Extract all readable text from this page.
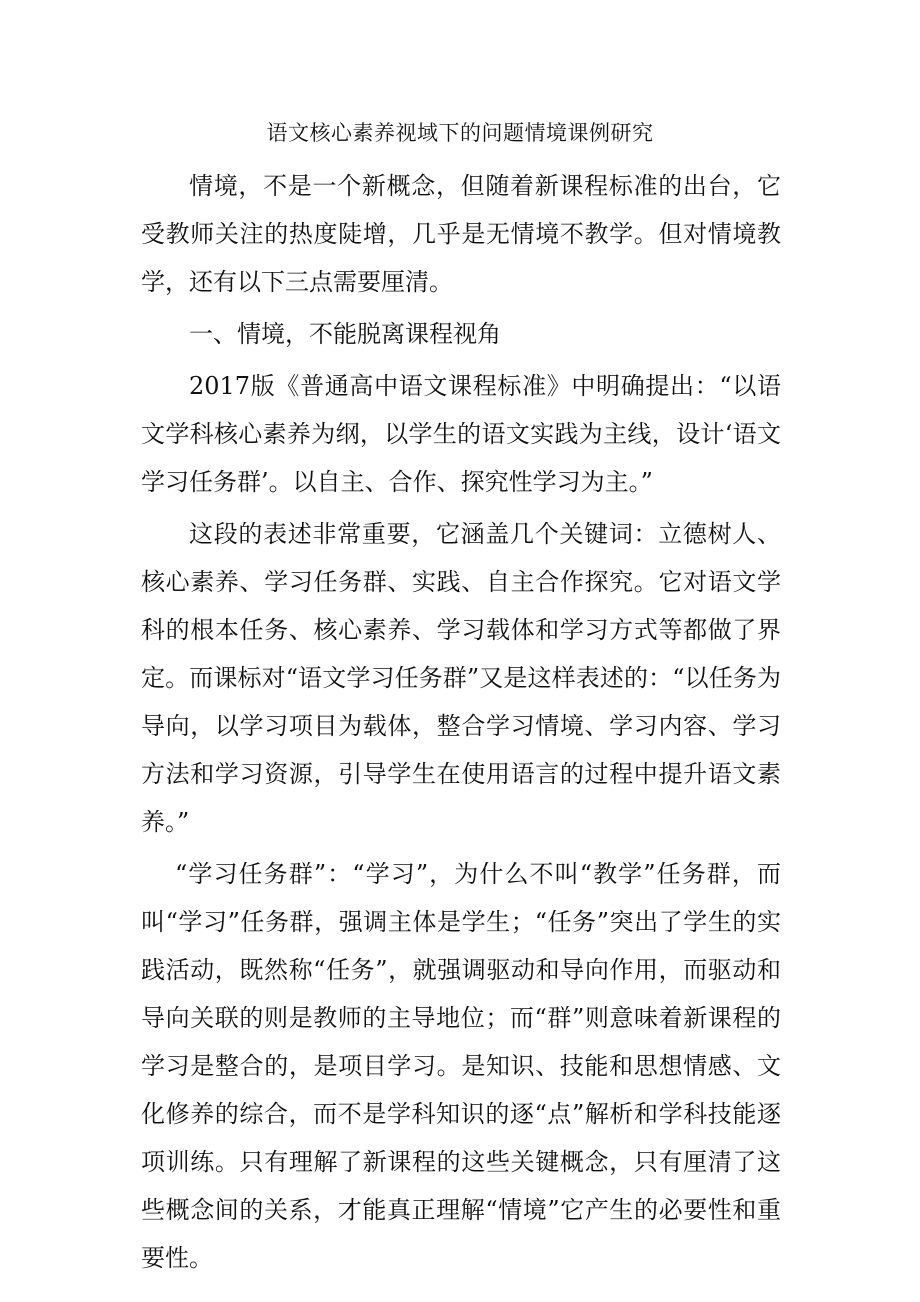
语文核心素养视域下的问题情境课例研究

情境，不是一个新概念，但随着新课程标准的出台，它受教师关注的热度陡增，几乎是无情境不教学。但对情境教学，还有以下三点需要厘清。

一、情境，不能脱离课程视角

2017版《普通高中语文课程标准》中明确提出：“以语文学科核心素养为纲，以学生的语文实践为主线，设计‘语文学习任务群’。以自主、合作、探究性学习为主。”

这段的表述非常重要，它涵盖几个关键词：立德树人、核心素养、学习任务群、实践、自主合作探究。它对语文学科的根本任务、核心素养、学习载体和学习方式等都做了界定。而课标对“语文学习任务群”又是这样表述的：“以任务为导向，以学习项目为载体，整合学习情境、学习内容、学习方法和学习资源，引导学生在使用语言的过程中提升语文素养。”

“学习任务群”：“学习”，为什么不叫“教学”任务群，而叫“学习”任务群，强调主体是学生；“任务”突出了学生的实践活动，既然称“任务”，就强调驱动和导向作用，而驱动和导向关联的则是教师的主导地位；而“群”则意味着新课程的学习是整合的，是项目学习。是知识、技能和思想情感、文化修养的综合，而不是学科知识的逐“点”解析和学科技能逐项训练。只有理解了新课程的这些关键概念，只有厘清了这些概念间的关系，才能真正理解“情境”它产生的必要性和重要性。
